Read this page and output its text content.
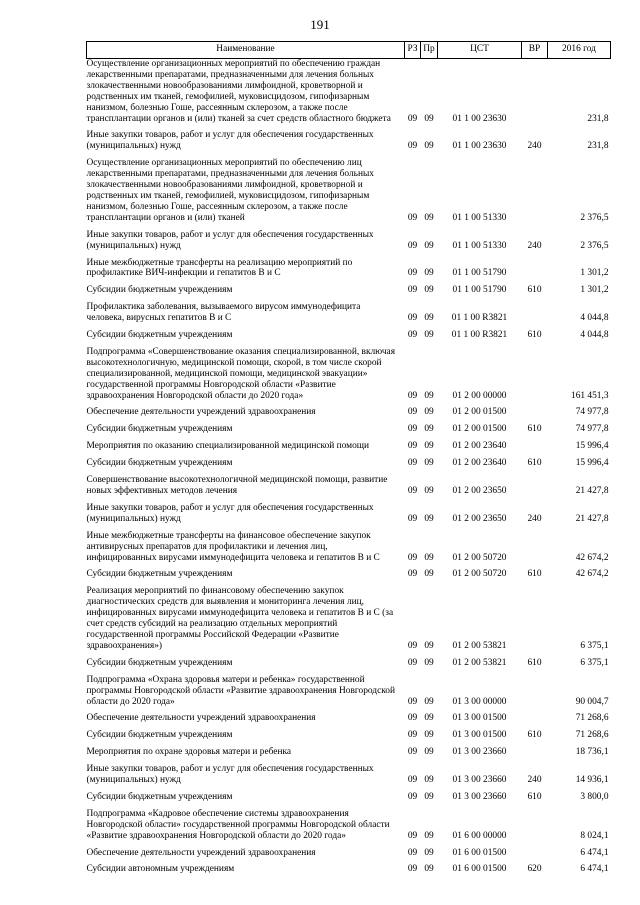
191
Наименование	РЗ	Пр	ЦСТ	ВР	2016 год
Осуществление организационных мероприятий по обеспечению граждан лекарственными препаратами, предназначенными для лечения больных злокачественными новообразованиями лимфоидной, кроветворной и родственных им тканей, гемофилией, муковисцидозом, гипофизарным нанизмом, болезнью Гоше, рассеянным склерозом, а также после трансплантации органов и (или) тканей за счет средств областного бюджета	09	09	01 1 00 23630		231,8
Иные закупки товаров, работ и услуг для обеспечения государственных (муниципальных) нужд	09	09	01 1 00 23630	240	231,8
Осуществление организационных мероприятий по обеспечению лиц лекарственными препаратами, предназначенными для лечения больных злокачественными новообразованиями лимфоидной, кроветворной и родственных им тканей, гемофилией, муковисцидозом, гипофизарным нанизмом, болезнью Гоше, рассеянным склерозом, а также после трансплантации органов и (или) тканей	09	09	01 1 00 51330		2 376,5
Иные закупки товаров, работ и услуг для обеспечения государственных (муниципальных) нужд	09	09	01 1 00 51330	240	2 376,5
Иные межбюджетные трансферты на реализацию мероприятий по профилактике ВИЧ-инфекции и гепатитов В и С	09	09	01 1 00 51790		1 301,2
Субсидии бюджетным учреждениям	09	09	01 1 00 51790	610	1 301,2
Профилактика заболевания, вызываемого вирусом иммунодефицита человека, вирусных гепатитов В и С	09	09	01 1 00 R3821		4 044,8
Субсидии бюджетным учреждениям	09	09	01 1 00 R3821	610	4 044,8
Подпрограмма «Совершенствование оказания специализированной, включая высокотехнологичную, медицинской помощи, скорой, в том числе скорой специализированной, медицинской помощи, медицинской эвакуации» государственной программы Новгородской области «Развитие здравоохранения Новгородской области до 2020 года»	09	09	01 2 00 00000		161 451,3
Обеспечение деятельности учреждений здравоохранения	09	09	01 2 00 01500		74 977,8
Субсидии бюджетным учреждениям	09	09	01 2 00 01500	610	74 977,8
Мероприятия по оказанию специализированной медицинской помощи	09	09	01 2 00 23640		15 996,4
Субсидии бюджетным учреждениям	09	09	01 2 00 23640	610	15 996,4
Совершенствование высокотехнологичной медицинской помощи, развитие новых эффективных методов лечения	09	09	01 2 00 23650		21 427,8
Иные закупки товаров, работ и услуг для обеспечения государственных (муниципальных) нужд	09	09	01 2 00 23650	240	21 427,8
Иные межбюджетные трансферты на финансовое обеспечение закупок антивирусных препаратов для профилактики и лечения лиц, инфицированных вирусами иммунодефицита человека и гепатитов В и С	09	09	01 2 00 50720		42 674,2
Субсидии бюджетным учреждениям	09	09	01 2 00 50720	610	42 674,2
Реализация мероприятий по финансовому обеспечению закупок диагностических средств для выявления и мониторинга лечения лиц, инфицированных вирусами иммунодефицита человека и гепатитов В и С (за счет средств субсидий на реализацию отдельных мероприятий государственной программы Российской Федерации «Развитие здравоохранения»)	09	09	01 2 00 53821		6 375,1
Субсидии бюджетным учреждениям	09	09	01 2 00 53821	610	6 375,1
Подпрограмма «Охрана здоровья матери и ребенка» государственной программы Новгородской области «Развитие здравоохранения Новгородской области до 2020 года»	09	09	01 3 00 00000		90 004,7
Обеспечение деятельности учреждений здравоохранения	09	09	01 3 00 01500		71 268,6
Субсидии бюджетным учреждениям	09	09	01 3 00 01500	610	71 268,6
Мероприятия по охране здоровья матери и ребенка	09	09	01 3 00 23660		18 736,1
Иные закупки товаров, работ и услуг для обеспечения государственных (муниципальных) нужд	09	09	01 3 00 23660	240	14 936,1
Субсидии бюджетным учреждениям	09	09	01 3 00 23660	610	3 800,0
Подпрограмма «Кадровое обеспечение системы здравоохранения Новгородской области» государственной программы Новгородской области «Развитие здравоохранения Новгородской области до 2020 года»	09	09	01 6 00 00000		8 024,1
Обеспечение деятельности учреждений здравоохранения	09	09	01 6 00 01500		6 474,1
Субсидии автономным учреждениям	09	09	01 6 00 01500	620	6 474,1
